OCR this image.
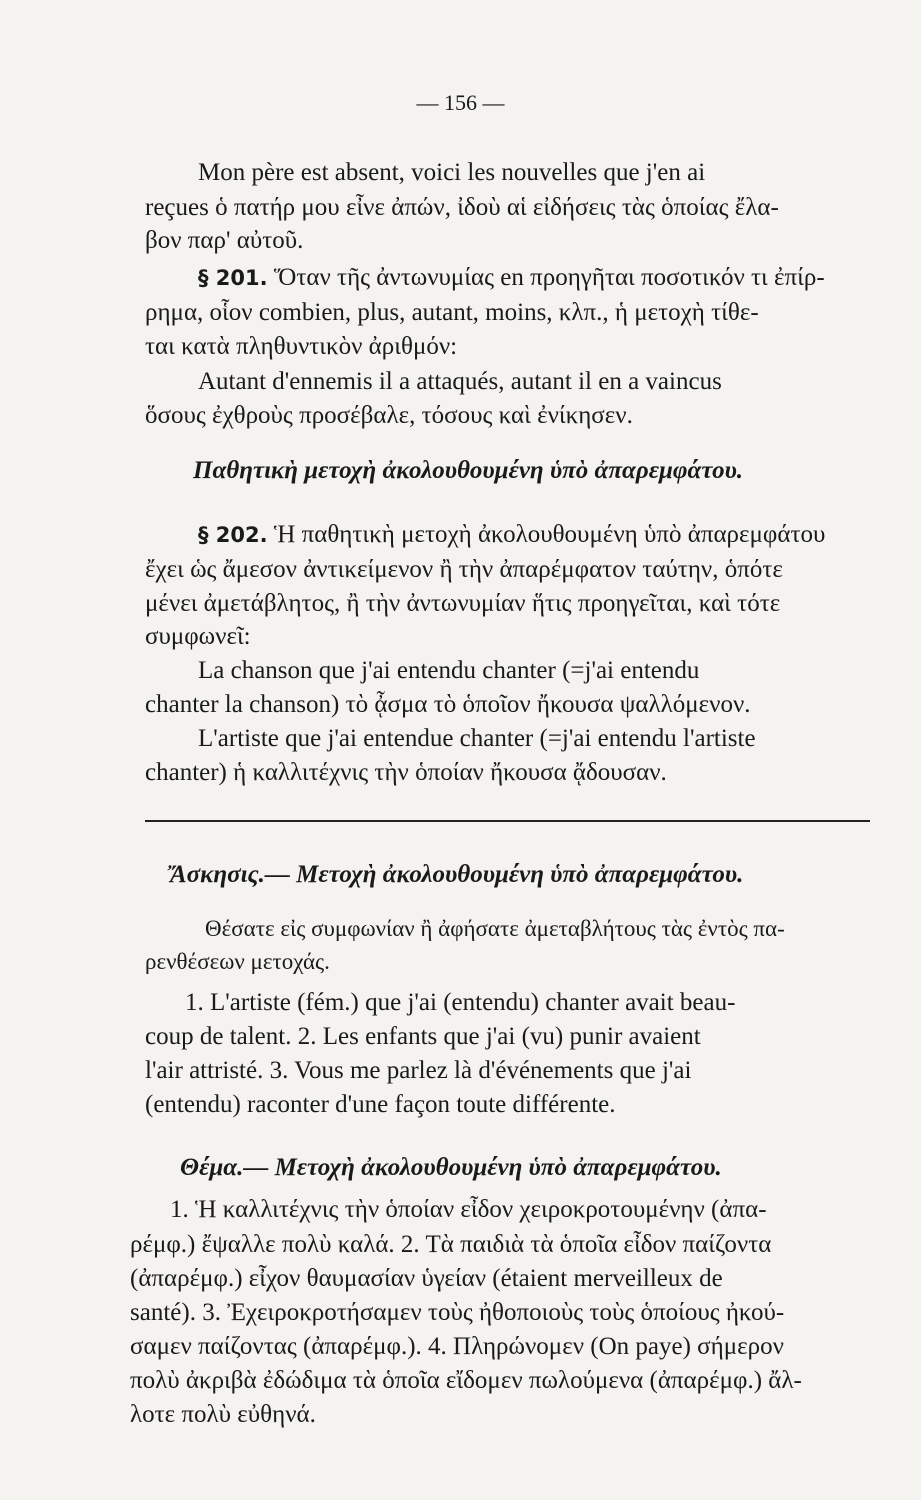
— 156 —
Mon père est absent, voici les nouvelles que j'en ai
reçues ὁ πατήρ μου εἶνε ἀπών, ἰδοὺ αἱ εἰδήσεις τὰς ὁποίας ἔλα-
βον παρ' αὐτοῦ.
§ 201. Ὅταν τῆς ἀντωνυμίας en προηγῆται ποσοτικόν τι ἐπίρ-
ρημα, οἷον combien, plus, autant, moins, κλπ., ἡ μετοχὴ τίθε-
ται κατὰ πληθυντικὸν ἀριθμόν:
Autant d'ennemis il a attaqués, autant il en a vaincus
ὅσους ἐχθροὺς προσέβαλε, τόσους καὶ ἐνίκησεν.
Παθητικὴ μετοχὴ ἀκολουθουμένη ὑπὸ ἀπαρεμφάτου.
§ 202. Ἡ παθητικὴ μετοχὴ ἀκολουθουμένη ὑπὸ ἀπαρεμφάτου
ἔχει ὡς ἄμεσον ἀντικείμενον ἢ τὴν ἀπαρέμφατον ταύτην, ὁπότε
μένει ἀμετάβλητος, ἢ τὴν ἀντωνυμίαν ἥτις προηγεῖται, καὶ τότε
συμφωνεῖ:
La chanson que j'ai entendu chanter (=j'ai entendu
chanter la chanson) τὸ ᾆσμα τὸ ὁποῖον ἤκουσα ψαλλόμενον.
L'artiste que j'ai entendue chanter (=j'ai entendu l'artiste
chanter) ἡ καλλιτέχνις τὴν ὁποίαν ἤκουσα ᾄδουσαν.
Ἄσκησις.— Μετοχὴ ἀκολουθουμένη ὑπὸ ἀπαρεμφάτου.
Θέσατε εἰς συμφωνίαν ἢ ἀφήσατε ἀμεταβλήτους τὰς ἐντὸς πα-
ρενθέσεων μετοχάς.
1. L'artiste (fém.) que j'ai (entendu) chanter avait beau-
coup de talent. 2. Les enfants que j'ai (vu) punir avaient
l'air attristé. 3. Vous me parlez là d'événements que j'ai
(entendu) raconter d'une façon toute différente.
Θέμα.— Μετοχὴ ἀκολουθουμένη ὑπὸ ἀπαρεμφάτου.
1. Ἡ καλλιτέχνις τὴν ὁποίαν εἶδον χειροκροτουμένην (ἀπα-
ρέμφ.) ἔψαλλε πολὺ καλά. 2. Τὰ παιδιὰ τὰ ὁποῖα εἶδον παίζοντα
(ἀπαρέμφ.) εἶχον θαυμασίαν ὑγείαν (étaient merveilleux de
santé). 3. Ἐχειροκροτήσαμεν τοὺς ἠθοποιοὺς τοὺς ὁποίους ἠκού-
σαμεν παίζοντας (ἀπαρέμφ.). 4. Πληρώνομεν (On paye) σήμερον
πολὺ ἀκριβὰ ἐδώδιμα τὰ ὁποῖα εἴδομεν πωλούμενα (ἀπαρέμφ.) ἄλ-
λοτε πολὺ εὐθηνά.
